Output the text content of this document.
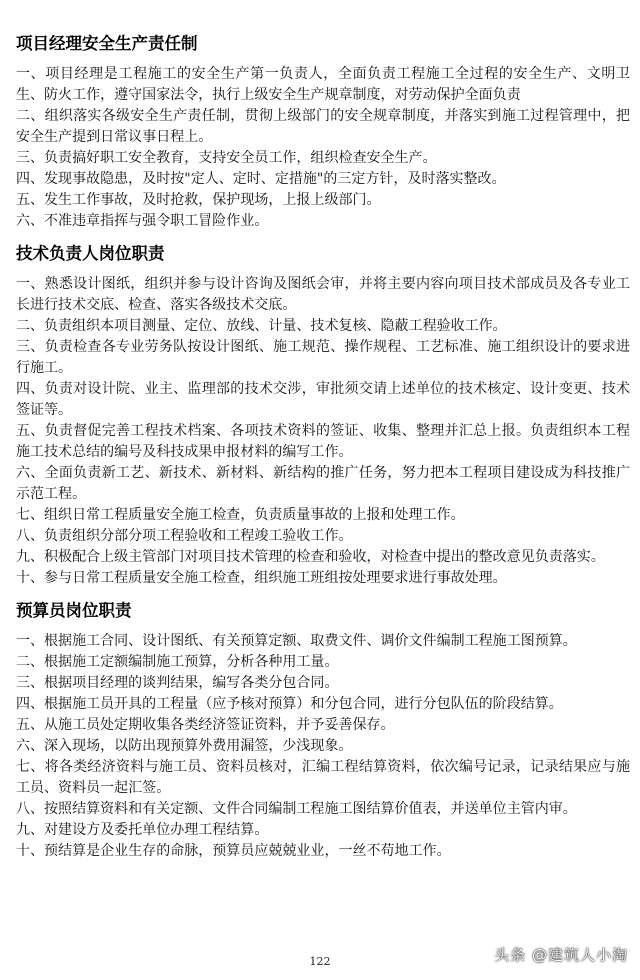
项目经理安全生产责任制
一、项目经理是工程施工的安全生产第一负责人，全面负责工程施工全过程的安全生产、文明卫生、防火工作，遵守国家法令，执行上级安全生产规章制度，对劳动保护全面负责
二、组织落实各级安全生产责任制，贯彻上级部门的安全规章制度，并落实到施工过程管理中，把安全生产提到日常议事日程上。
三、负责搞好职工安全教育，支持安全员工作，组织检查安全生产。
四、发现事故隐患，及时按"定人、定时、定措施"的三定方针，及时落实整改。
五、发生工作事故，及时抢救，保护现场，上报上级部门。
六、不准违章指挥与强令职工冒险作业。
技术负责人岗位职责
一、熟悉设计图纸，组织并参与设计咨询及图纸会审，并将主要内容向项目技术部成员及各专业工长进行技术交底、检查、落实各级技术交底。
二、负责组织本项目测量、定位、放线、计量、技术复核、隐蔽工程验收工作。
三、负责检查各专业劳务队按设计图纸、施工规范、操作规程、工艺标准、施工组织设计的要求进行施工。
四、负责对设计院、业主、监理部的技术交涉，审批须交请上述单位的技术核定、设计变更、技术签证等。
五、负责督促完善工程技术档案、各项技术资料的签证、收集、整理并汇总上报。负责组织本工程施工技术总结的编号及科技成果申报材料的编写工作。
六、全面负责新工艺、新技术、新材料、新结构的推广任务，努力把本工程项目建设成为科技推广示范工程。
七、组织日常工程质量安全施工检查，负责质量事故的上报和处理工作。
八、负责组织分部分项工程验收和工程竣工验收工作。
九、积极配合上级主管部门对项目技术管理的检查和验收，对检查中提出的整改意见负责落实。
十、参与日常工程质量安全施工检查，组织施工班组按处理要求进行事故处理。
预算员岗位职责
一、根据施工合同、设计图纸、有关预算定额、取费文件、调价文件编制工程施工图预算。
二、根据施工定额编制施工预算，分析各种用工量。
三、根据项目经理的谈判结果，编写各类分包合同。
四、根据施工员开具的工程量（应予核对预算）和分包合同，进行分包队伍的阶段结算。
五、从施工员处定期收集各类经济签证资料，并予妥善保存。
六、深入现场，以防出现预算外费用漏签，少浅现象。
七、将各类经济资料与施工员、资料员核对，汇编工程结算资料，依次编号记录，记录结果应与施工员、资料员一起汇签。
八、按照结算资料和有关定额、文件合同编制工程施工图结算价值表，并送单位主管内审。
九、对建设方及委托单位办理工程结算。
十、预结算是企业生存的命脉，预算员应兢兢业业，一丝不苟地工作。
122	头条 @建筑人小淘
